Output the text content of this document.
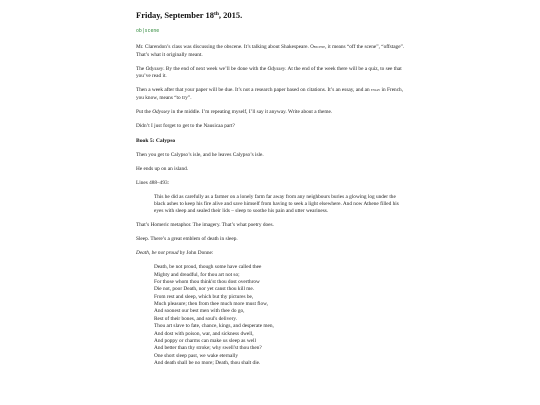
Friday, September 18th, 2015.
ob|scene

Mr. Clarendon’s class was discussing the obscene. It’s talking about Shakespeare. Obscene, it means “off the scene”, “offstage”. That’s what it originally meant.

The Odyssey. By the end of next week we’ll be done with the Odyssey. At the end of the week there will be a quiz, to see that you’ve read it.

Then a week after that your paper will be due. It’s not a research paper based on citations. It’s an essay, and an essay in French, you know, means “to try”.

Put the Odyssey in the middle. I’m repeating myself, I’ll say it anyway. Write about a theme.

Didn’t I just forget to get to the Nausicaa part?

Book 5: Calypso

Then you get to Calypso’s isle, and he leaves Calypso’s isle.

He ends up on an island.

Lines 488–493:

This he did as carefully as a farmer on a lonely farm far away from any neighbours buries a glowing log under the black ashes to keep his fire alive and save himself from having to seek a light elsewhere. And now Athene filled his eyes with sleep and sealed their lids – sleep to soothe his pain and utter weariness.

That’s Homeric metaphor. The imagery. That’s what poetry does.

Sleep. There’s a great emblem of death in sleep.

Death, be not proud by John Donne:

Death, be not proud, though some have called thee
Mighty and dreadful, for thou art not so;
For those whom thou think'st thou dost overthrow
Die not, poor Death, nor yet canst thou kill me.
From rest and sleep, which but thy pictures be,
Much pleasure; then from thee much more must flow,
And soonest our best men with thee do go,
Rest of their bones, and soul's delivery.
Thou art slave to fate, chance, kings, and desperate men,
And dost with poison, war, and sickness dwell,
And poppy or charms can make us sleep as well
And better than thy stroke; why swell'st thou then?
One short sleep past, we wake eternally
And death shall be no more; Death, thou shalt die.
